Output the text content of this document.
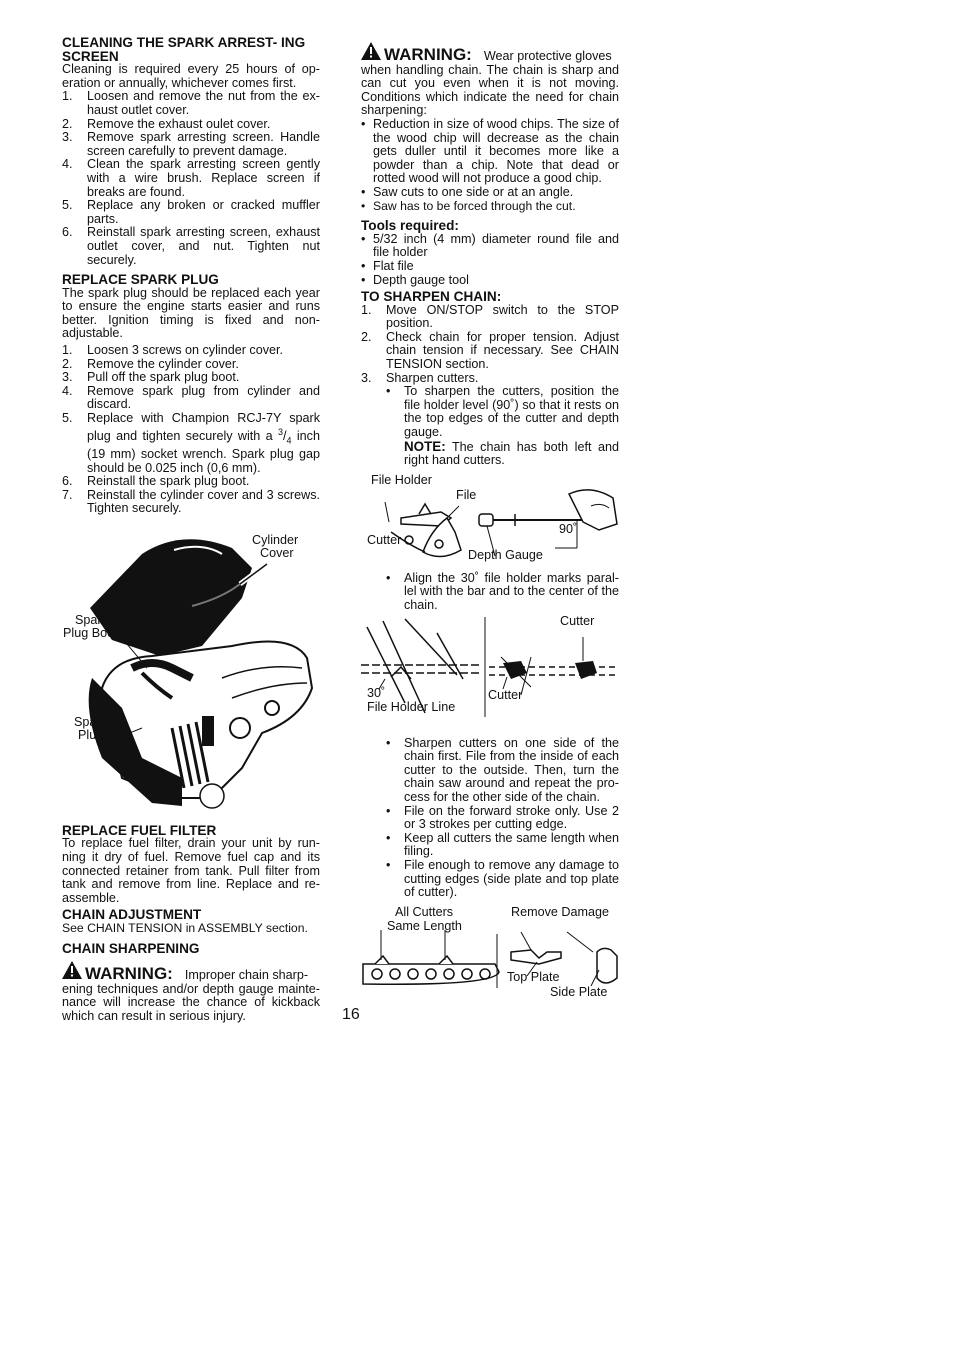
CLEANING THE SPARK ARREST- ING SCREEN

Cleaning is required every 25 hours of op- eration or annually, whichever comes first.

1. Loosen and remove the nut from the ex- haust outlet cover.
2. Remove the exhaust oulet cover.
3. Remove spark arresting screen. Handle screen carefully to prevent damage.
4. Clean the spark arresting screen gently with a wire brush. Replace screen if breaks are found.
5. Replace any broken or cracked muffler parts.
6. Reinstall spark arresting screen, exhaust outlet cover, and nut. Tighten nut securely.
REPLACE SPARK PLUG

The spark plug should be replaced each year to ensure the engine starts easier and runs better. Ignition timing is fixed and non- adjustable.

1. Loosen 3 screws on cylinder cover.
2. Remove the cylinder cover.
3. Pull off the spark plug boot.
4. Remove spark plug from cylinder and discard.
5. Replace with Champion RCJ-7Y spark plug and tighten securely with a $^3/_4$ inch (19 mm) socket wrench. Spark plug gap should be 0.025 inch (0,6 mm).
6. Reinstall the spark plug boot.
7. Reinstall the cylinder cover and 3 screws. Tighten securely.
Cylinder
Cover
Spark
Plug Boot
Spark
Plug
REPLACE FUEL FILTER

To replace fuel filter, drain your unit by run- ning it dry of fuel. Remove fuel cap and its connected retainer from tank. Pull filter from tank and remove from line. Replace and re- assemble.

CHAIN ADJUSTMENT

See CHAIN TENSION in ASSEMBLY section.

CHAIN SHARPENING
WARNING: Improper chain sharp-

ening techniques and/or depth gauge mainte- nance will increase the chance of kickback which can result in serious injury.

WARNING: Wear protective gloves

when handling chain. The chain is sharp and can cut you even when it is not moving. Conditions which indicate the need for chain sharpening:

• Reduction in size of wood chips. The size of the wood chip will decrease as the chain gets duller until it becomes more like a powder than a chip. Note that dead or rotted wood will not produce a good chip.
• Saw cuts to one side or at an angle.
• Saw has to be forced through the cut.
Tools required:
• 5/32 inch (4 mm) diameter round file and file holder
• Flat file
• Depth gauge tool
TO SHARPEN CHAIN:
1. Move ON/STOP switch to the STOP position.
2. Check chain for proper tension. Adjust chain tension if necessary. See CHAIN TENSION section.
3. Sharpen cutters.
• To sharpen the cutters, position the file holder level (90˚) so that it rests on the top edges of the cutter and depth gauge.
NOTE: The chain has both left and right hand cutters.
File Holder
File
Cutter
Depth Gauge
90˚
• Align the 30˚ file holder marks paral- lel with the bar and to the center of the chain.
Cutter
30˚
File Holder Line
Cutter
• Sharpen cutters on one side of the chain first. File from the inside of each cutter to the outside. Then, turn the chain saw around and repeat the pro- cess for the other side of the chain.
• File on the forward stroke only. Use 2 or 3 strokes per cutting edge.
• Keep all cutters the same length when filing.
• File enough to remove any damage to cutting edges (side plate and top plate of cutter).
All Cutters
Same Length
Remove Damage
Top Plate
Side Plate
16
